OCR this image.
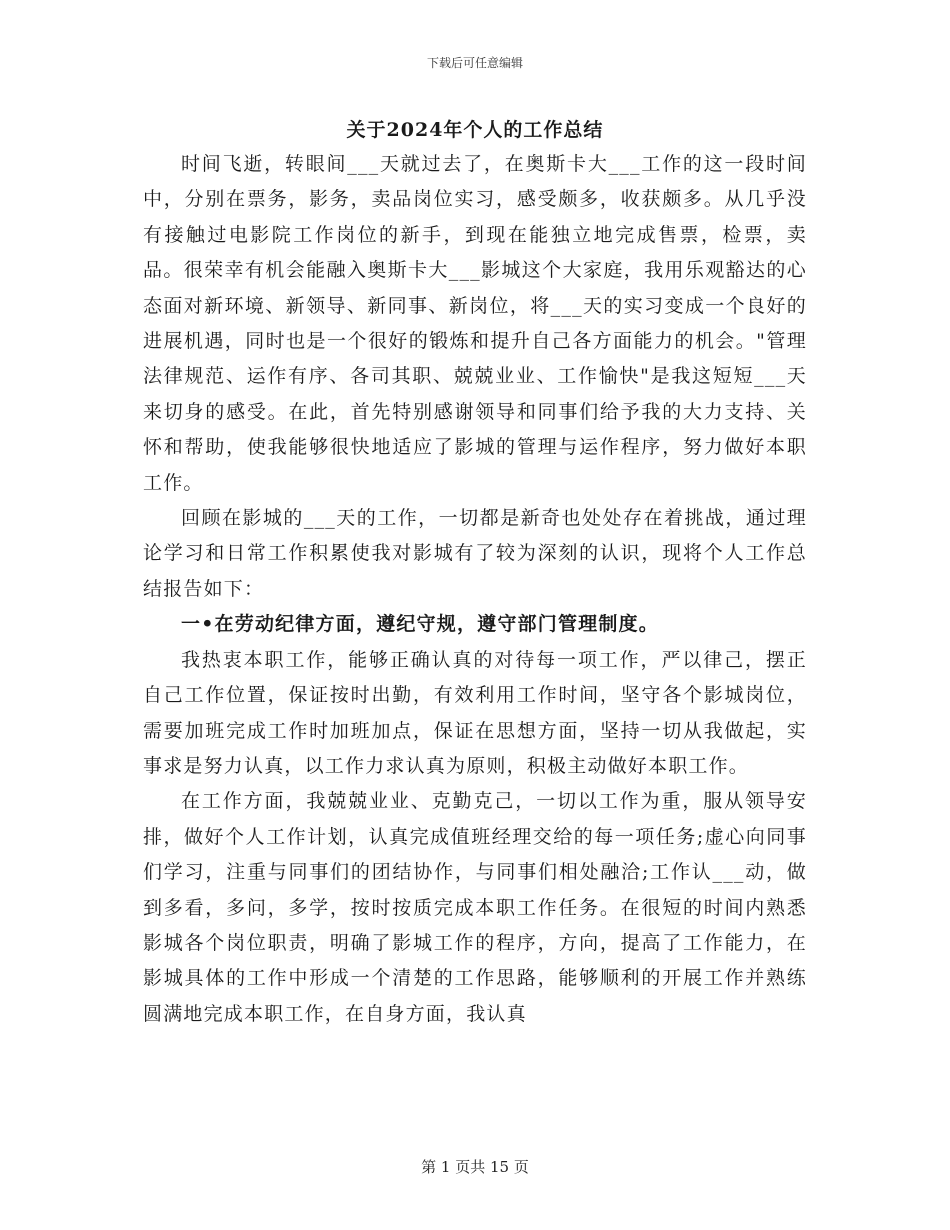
下载后可任意编辑
关于2024年个人的工作总结

时间飞逝，转眼间___天就过去了，在奥斯卡大___工作的这一段时间中，分别在票务，影务，卖品岗位实习，感受颇多，收获颇多。从几乎没有接触过电影院工作岗位的新手，到现在能独立地完成售票，检票，卖品。很荣幸有机会能融入奥斯卡大___影城这个大家庭，我用乐观豁达的心态面对新环境、新领导、新同事、新岗位，将___天的实习变成一个良好的进展机遇，同时也是一个很好的锻炼和提升自己各方面能力的机会。"管理法律规范、运作有序、各司其职、兢兢业业、工作愉快"是我这短短___天来切身的感受。在此，首先特别感谢领导和同事们给予我的大力支持、关怀和帮助，使我能够很快地适应了影城的管理与运作程序，努力做好本职工作。

回顾在影城的___天的工作，一切都是新奇也处处存在着挑战，通过理论学习和日常工作积累使我对影城有了较为深刻的认识，现将个人工作总结报告如下：

一•在劳动纪律方面，遵纪守规，遵守部门管理制度。

我热衷本职工作，能够正确认真的对待每一项工作，严以律己，摆正自己工作位置，保证按时出勤，有效利用工作时间，坚守各个影城岗位，需要加班完成工作时加班加点，保证在思想方面，坚持一切从我做起，实事求是努力认真，以工作力求认真为原则，积极主动做好本职工作。

在工作方面，我兢兢业业、克勤克己，一切以工作为重，服从领导安排，做好个人工作计划，认真完成值班经理交给的每一项任务;虚心向同事们学习，注重与同事们的团结协作，与同事们相处融洽;工作认___动，做到多看，多问，多学，按时按质完成本职工作任务。在很短的时间内熟悉影城各个岗位职责，明确了影城工作的程序，方向，提高了工作能力，在影城具体的工作中形成一个清楚的工作思路，能够顺利的开展工作并熟练圆满地完成本职工作，在自身方面，我认真

第 1 页共 15 页
